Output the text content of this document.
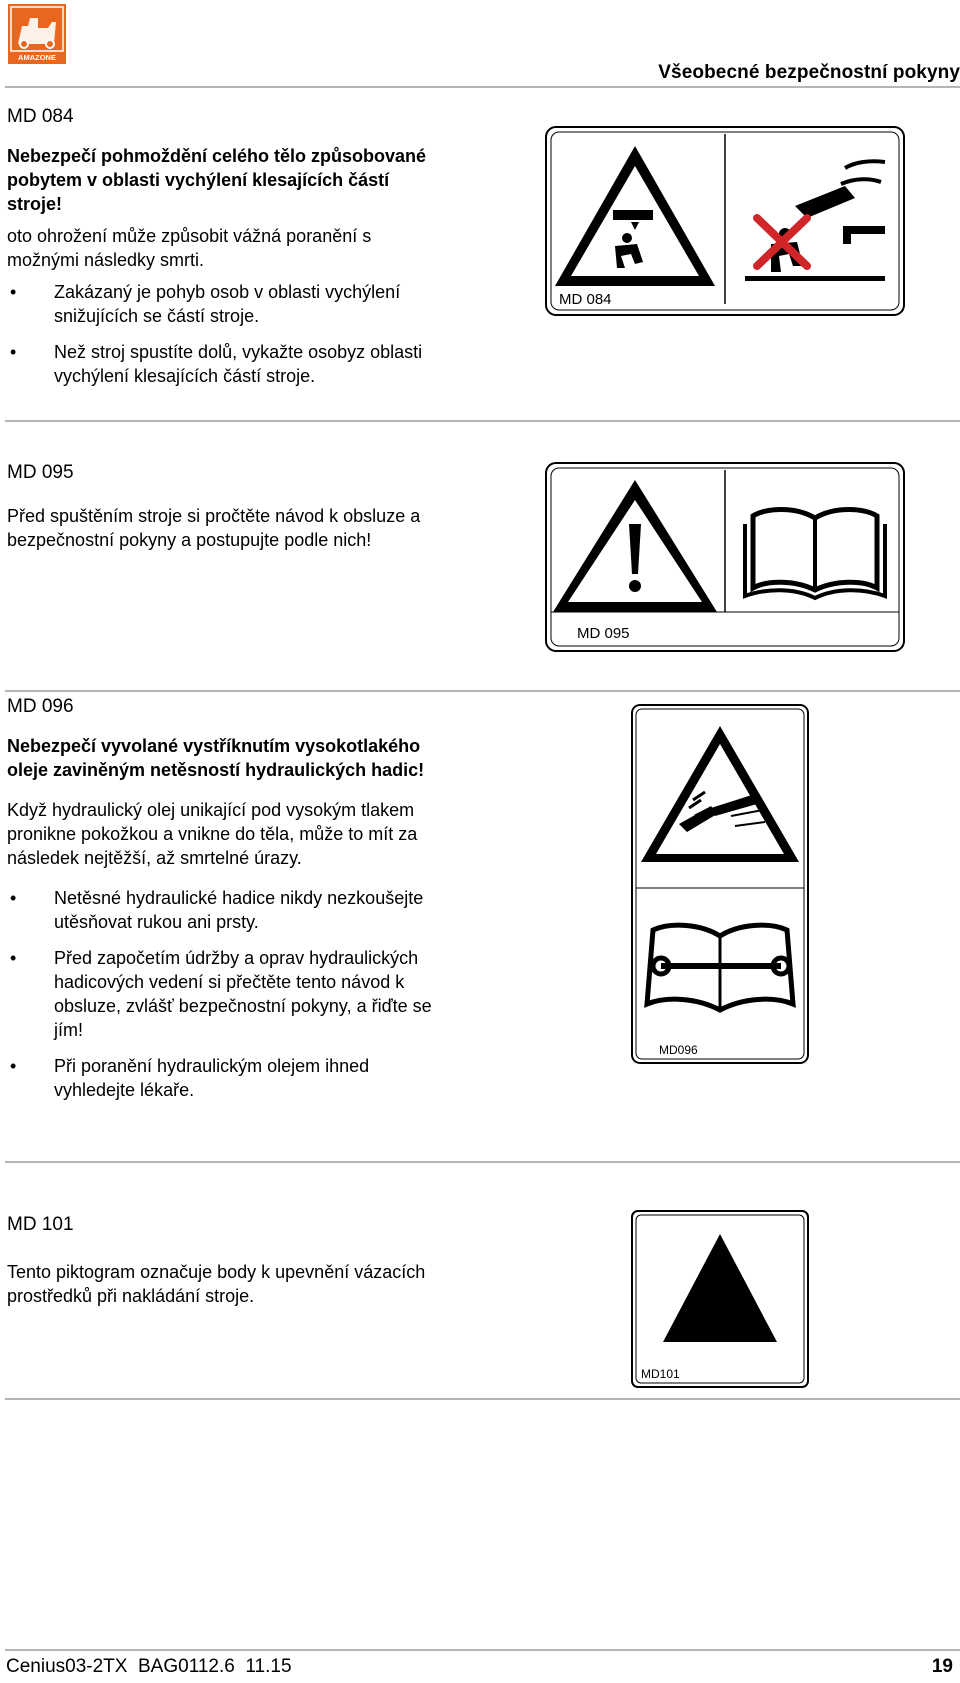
AMAZONE
Všeobecné bezpečnostní pokyny
MD 084
Nebezpečí pohmoždění celého tělo způsobované pobytem v oblasti vychýlení klesajících částí stroje!
oto ohrožení může způsobit vážná poranění s možnými následky smrti.
• Zakázaný je pohyb osob v oblasti vychýlení snižujících se částí stroje.
• Než stroj spustíte dolů, vykažte osobyz oblasti vychýlení klesajících částí stroje.
MD 084
MD 095
Před spuštěním stroje si pročtěte návod k obsluze a bezpečnostní pokyny a postupujte podle nich!
MD 095
MD 096
Nebezpečí vyvolané vystříknutím vysokotlakého oleje zaviněným netěsností hydraulických hadic!
Když hydraulický olej unikající pod vysokým tlakem pronikne pokožkou a vnikne do těla, může to mít za následek nejtěžší, až smrtelné úrazy.
• Netěsné hydraulické hadice nikdy nezkoušejte utěsňovat rukou ani prsty.
• Před započetím údržby a oprav hydraulických hadicových vedení si přečtěte tento návod k obsluze, zvlášť bezpečnostní pokyny, a řiďte se jím!
• Při poranění hydraulickým olejem ihned vyhledejte lékaře.
MD096
MD 101
Tento piktogram označuje body k upevnění vázacích prostředků při nakládání stroje.
MD101
Cenius03-2TX  BAG0112.6  11.15	19
